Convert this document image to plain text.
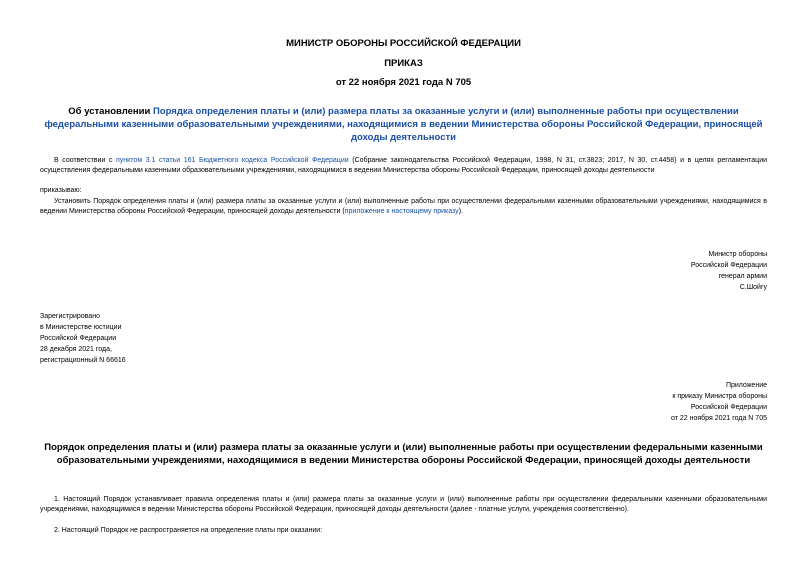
МИНИСТР ОБОРОНЫ РОССИЙСКОЙ ФЕДЕРАЦИИ
ПРИКАЗ
от 22 ноября 2021 года N 705
Об установлении Порядка определения платы и (или) размера платы за оказанные услуги и (или) выполненные работы при осуществлении федеральными казенными образовательными учреждениями, находящимися в ведении Министерства обороны Российской Федерации, приносящей доходы деятельности
В соответствии с пунктом 3.1 статьи 161 Бюджетного кодекса Российской Федерации (Собрание законодательства Российской Федерации, 1998, N 31, ст.3823; 2017, N 30, ст.4458) и в целях регламентации осуществления федеральными казенными образовательными учреждениями, находящимися в ведении Министерства обороны Российской Федерации, приносящей доходы деятельности
приказываю:
Установить Порядок определения платы и (или) размера платы за оказанные услуги и (или) выполненные работы при осуществлении федеральными казенными образовательными учреждениями, находящимися в ведении Министерства обороны Российской Федерации, приносящей доходы деятельности (приложение к настоящему приказу).
Министр обороны
Российской Федерации
генерал армии
С.Шойгу
Зарегистрировано
в Министерстве юстиции
Российской Федерации
28 декабря 2021 года,
регистрационный N 66616
Приложение
к приказу Министра обороны
Российской Федерации
от 22 ноября 2021 года N 705
Порядок определения платы и (или) размера платы за оказанные услуги и (или) выполненные работы при осуществлении федеральными казенными образовательными учреждениями, находящимися в ведении Министерства обороны Российской Федерации, приносящей доходы деятельности
1. Настоящий Порядок устанавливает правила определения платы и (или) размера платы за оказанные услуги и (или) выполненные работы при осуществлении федеральными казенными образовательными учреждениями, находящимися в ведении Министерства обороны Российской Федерации, приносящей доходы деятельности (далее - платные услуги, учреждения соответственно).
2. Настоящий Порядок не распространяется на определение платы при оказании:
